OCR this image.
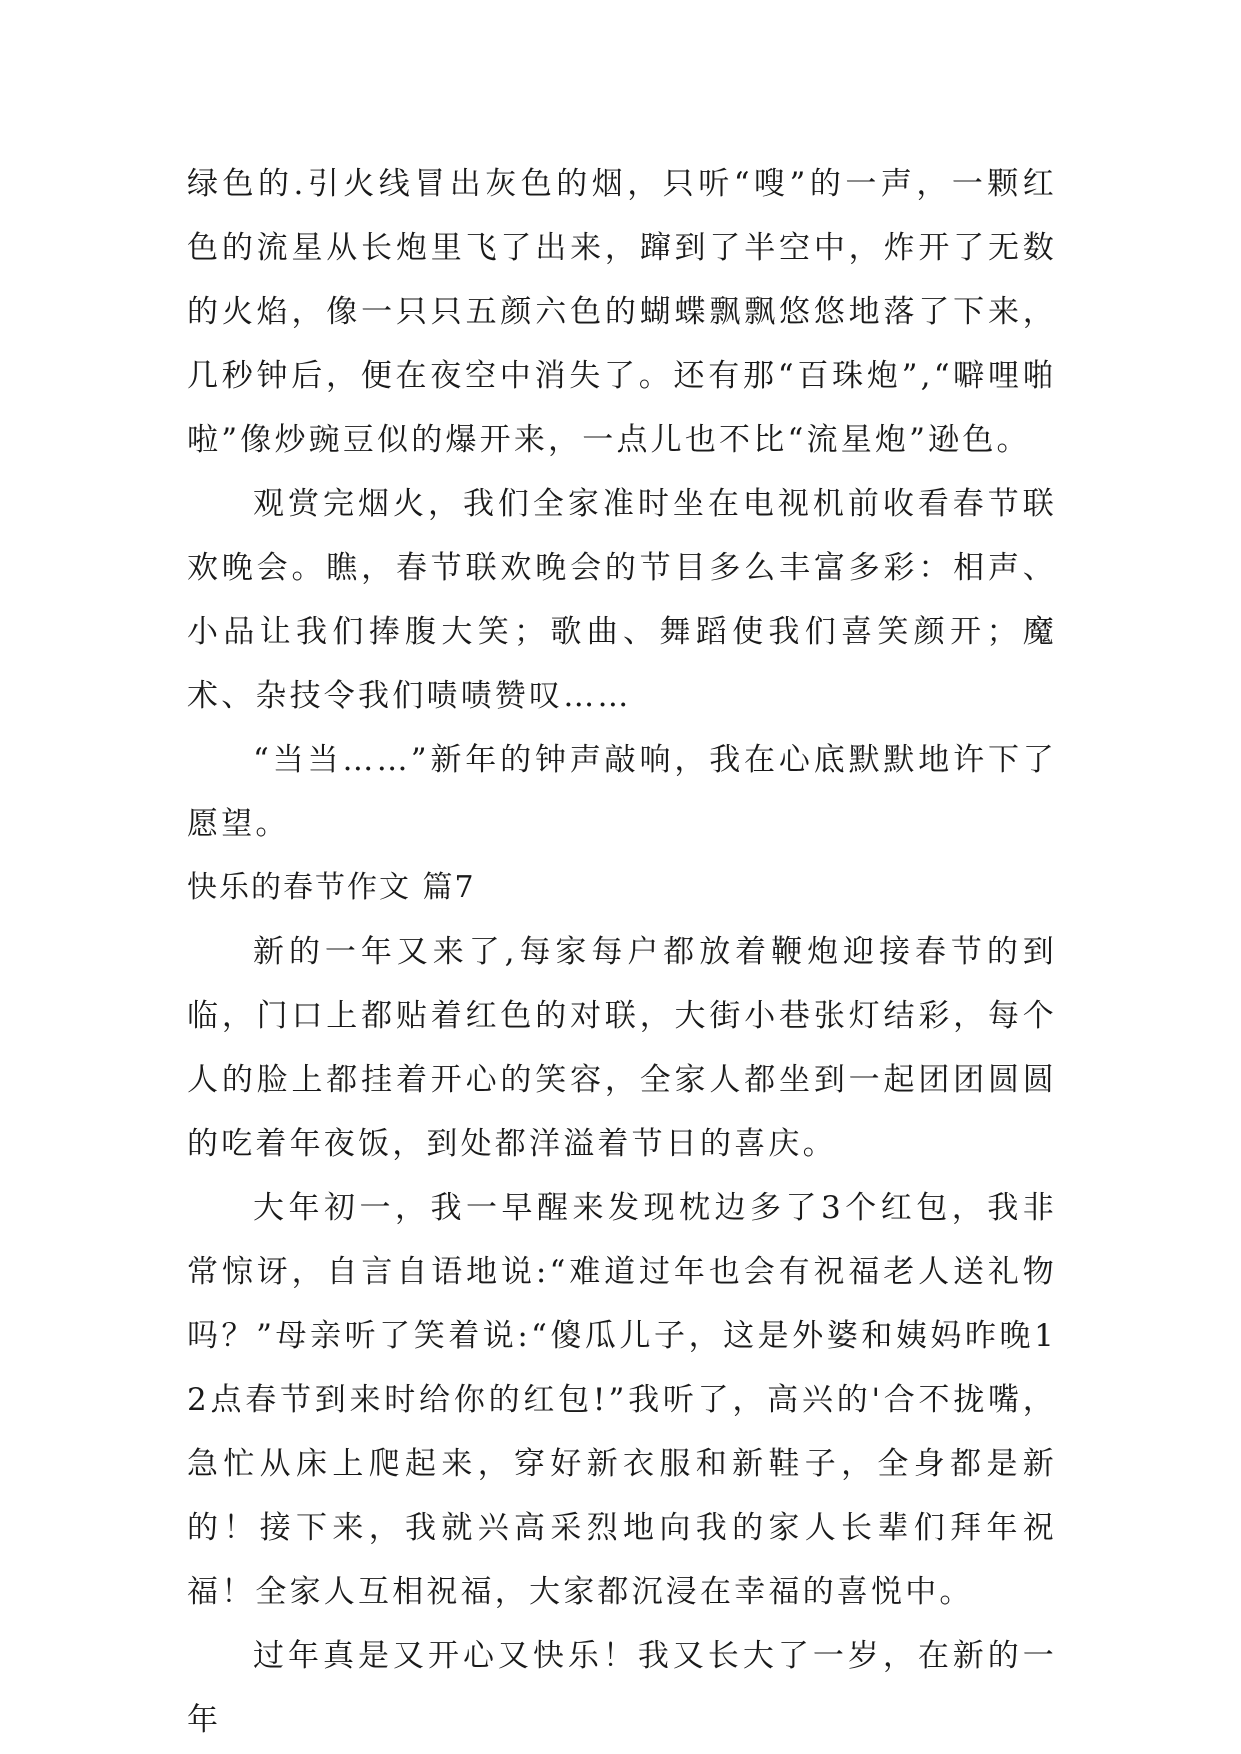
绿色的.引火线冒出灰色的烟，只听“嗖”的一声，一颗红色的流星从长炮里飞了出来，蹿到了半空中，炸开了无数的火焰，像一只只五颜六色的蝴蝶飘飘悠悠地落了下来，几秒钟后，便在夜空中消失了。还有那“百珠炮”,“噼哩啪啦”像炒豌豆似的爆开来，一点儿也不比“流星炮”逊色。

观赏完烟火，我们全家准时坐在电视机前收看春节联欢晚会。瞧，春节联欢晚会的节目多么丰富多彩：相声、小品让我们捧腹大笑；歌曲、舞蹈使我们喜笑颜开；魔术、杂技令我们啧啧赞叹……

“当当……”新年的钟声敲响，我在心底默默地许下了愿望。

快乐的春节作文 篇7

新的一年又来了,每家每户都放着鞭炮迎接春节的到临，门口上都贴着红色的对联，大街小巷张灯结彩，每个人的脸上都挂着开心的笑容，全家人都坐到一起团团圆圆的吃着年夜饭，到处都洋溢着节日的喜庆。

大年初一，我一早醒来发现枕边多了3个红包，我非常惊讶，自言自语地说:“难道过年也会有祝福老人送礼物吗？”母亲听了笑着说:“傻瓜儿子，这是外婆和姨妈昨晚12点春节到来时给你的红包!”我听了，高兴的'合不拢嘴，急忙从床上爬起来，穿好新衣服和新鞋子，全身都是新的！接下来，我就兴高采烈地向我的家人长辈们拜年祝福！全家人互相祝福，大家都沉浸在幸福的喜悦中。

过年真是又开心又快乐！我又长大了一岁，在新的一年
